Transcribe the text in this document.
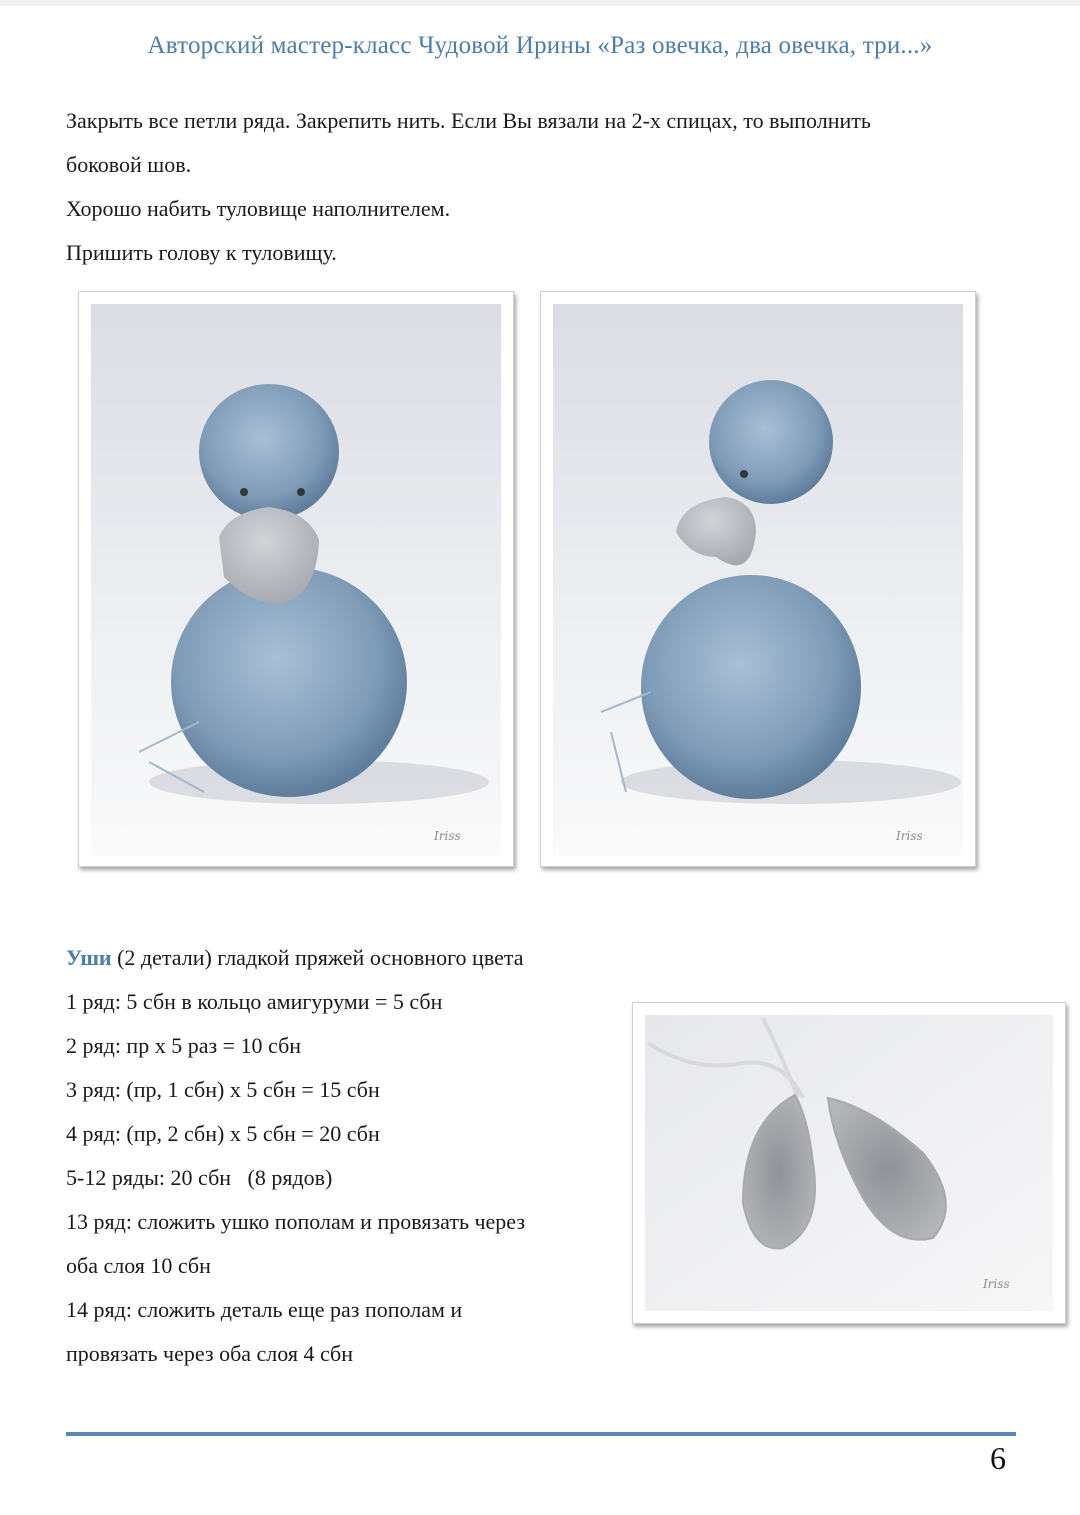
Авторский мастер-класс Чудовой Ирины «Раз овечка, два овечка, три...»
Закрыть все петли ряда. Закрепить нить. Если Вы вязали на 2-х спицах, то выполнить
боковой шов.
Хорошо набить туловище наполнителем.
Пришить голову к туловищу.
Iriss	Iriss
Уши (2 детали) гладкой пряжей основного цвета
1 ряд: 5 сбн в кольцо амигуруми = 5 сбн
2 ряд: пр х 5 раз = 10 сбн
3 ряд: (пр, 1 сбн) х 5 сбн = 15 сбн
4 ряд: (пр, 2 сбн) х 5 сбн = 20 сбн
5-12 ряды: 20 сбн   (8 рядов)
13 ряд: сложить ушко пополам и провязать через
оба слоя 10 сбн
14 ряд: сложить деталь еще раз пополам и
провязать через оба слоя 4 сбн
Iriss
6
